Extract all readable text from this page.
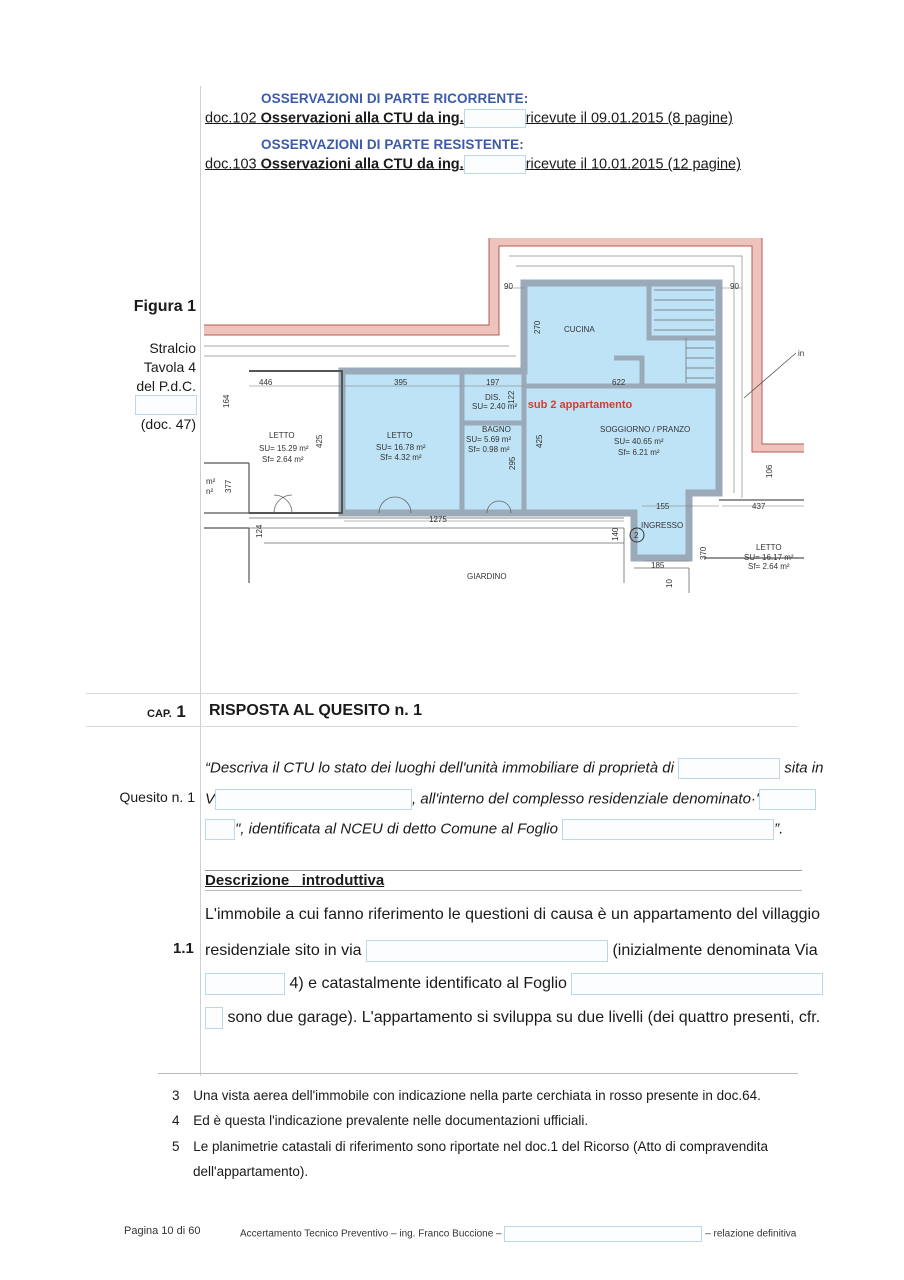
OSSERVAZIONI DI PARTE RICORRENTE:
doc.102 Osservazioni alla CTU da ing.	ricevute il 09.01.2015 (8 pagine)
OSSERVAZIONI DI PARTE RESISTENTE:
doc.103 Osservazioni alla CTU da ing.	ricevute il 10.01.2015 (12 pagine)
Figura 1
Stralcio
Tavola 4
del P.d.C.
(doc. 47)
CUCINA
sub 2 appartamento
LETTO
SU= 15.29 m²
Sf= 2.64 m²
LETTO
SU= 16.78 m²
Sf= 4.32 m²
DIS.
SU= 2.40 m²
BAGNO
SU= 5.69 m²
Sf= 0.98 m²
SOGGIORNO / PRANZO
SU= 40.65 m²
Sf= 6.21 m²
INGRESSO
LETTO
SU= 16.17 m²
Sf= 2.64 m²
GIARDINO
90	90
270
446	395	197
122
622
164
425	425
295
377
124
1275
155	437
140
185
370
106
10
2
m²
n²
in
CAP. 1 RISPOSTA AL QUESITO n. 1
Quesito n. 1
“Descriva il CTU lo stato dei luoghi dell'unità immobiliare di proprietà di	sita in
V	, all'interno del complesso residenziale denominato·'
", identificata al NCEU di detto Comune al Foglio	”.
Descrizione   introduttiva
1.1
L'immobile a cui fanno riferimento le questioni di causa è un appartamento del villaggio
residenziale sito in via	(inizialmente denominata Via
4) e catastalmente identificato al Foglio
sono due garage). L'appartamento si sviluppa su due livelli (dei quattro presenti, cfr.
3 Una vista aerea dell'immobile con indicazione nella parte cerchiata in rosso presente in doc.64.
4 Ed è questa l'indicazione prevalente nelle documentazioni ufficiali.
5 Le planimetrie catastali di riferimento sono riportate nel doc.1 del Ricorso (Atto di compravendita
dell'appartamento).
Pagina 10 di 60	Accertamento Tecnico Preventivo – ing. Franco Buccione –	– relazione definitiva
